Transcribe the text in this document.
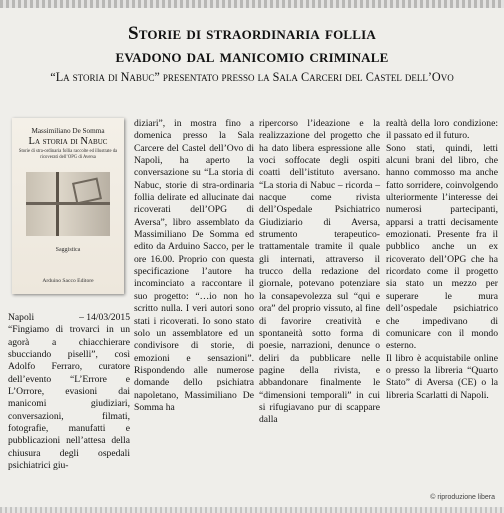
Storie di straordinaria follia
evadono dal manicomio criminale
“La storia di Nabuc” presentato presso la Sala Carceri del Castel dell’Ovo
Massimiliano De Somma
La storia di Nabuc
Storie di stra-ordinaria follia raccolte ed illustrate da ricoverati dell’OPG di Aversa
Saggistica
Arduino Sacco Editore
Napoli	– 14/03/2015
“Fingiamo di trovarci in un agorà a chiacchierare sbucciando piselli”, così Adolfo Ferraro, curatore dell’evento “L’Errore e L’Orrore, evasioni dai manicomi giudiziari, conversazioni, filmati, fotografie, manufatti e pubblicazioni nell’attesa della chiusura degli ospedali psichiatrici giu-
diziari”, in mostra fino a domenica presso la Sala Carcere del Castel dell’Ovo di Napoli, ha aperto la conversazione su “La storia di Nabuc, storie di stra-ordinaria follia delirate ed allucinate dai ricoverati dell’OPG di Aversa”, libro assemblato da Massimiliano De Somma ed edito da Arduino Sacco, per le ore 16.00. Proprio con questa specificazione l’autore ha incominciato a raccontare il suo progetto: “…io non ho scritto nulla. I veri autori sono stati i ricoverati. Io sono stato solo un assemblatore ed un condivisore di storie, di emozioni e sensazioni”. Rispondendo alle numerose domande dello psichiatra napoletano, Massimiliano De Somma ha
ripercorso l’ideazione e la realizzazione del progetto che ha dato libera espressione alle voci soffocate degli ospiti coatti dell’istituto aversano. “La storia di Nabuc – ricorda – nacque come rivista dell’Ospedale Psichiatrico Giudiziario di Aversa, strumento terapeutico-trattamentale tramite il quale gli internati, attraverso il trucco della redazione del giornale, potevano potenziare la consapevolezza sul “qui e ora” del proprio vissuto, al fine di favorire creatività e spontaneità sotto forma di poesie, narrazioni, denunce o deliri da pubblicare nelle pagine della rivista, e abbandonare finalmente le “dimensioni temporali” in cui si rifugiavano pur di scappare dalla
realtà della loro condizione: il passato ed il futuro.
Sono stati, quindi, letti alcuni brani del libro, che hanno commosso ma anche fatto sorridere, coinvolgendo ulteriormente l’interesse dei numerosi partecipanti, apparsi a tratti decisamente emozionati. Presente fra il pubblico anche un ex ricoverato dell’OPG che ha ricordato come il progetto sia stato un mezzo per superare le mura dell’ospedale psichiatrico che impedivano di comunicare con il mondo esterno.
Il libro è acquistabile online o presso la libreria “Quarto Stato” di Aversa (CE) o la libreria Scarlatti di Napoli.
© riproduzione libera
